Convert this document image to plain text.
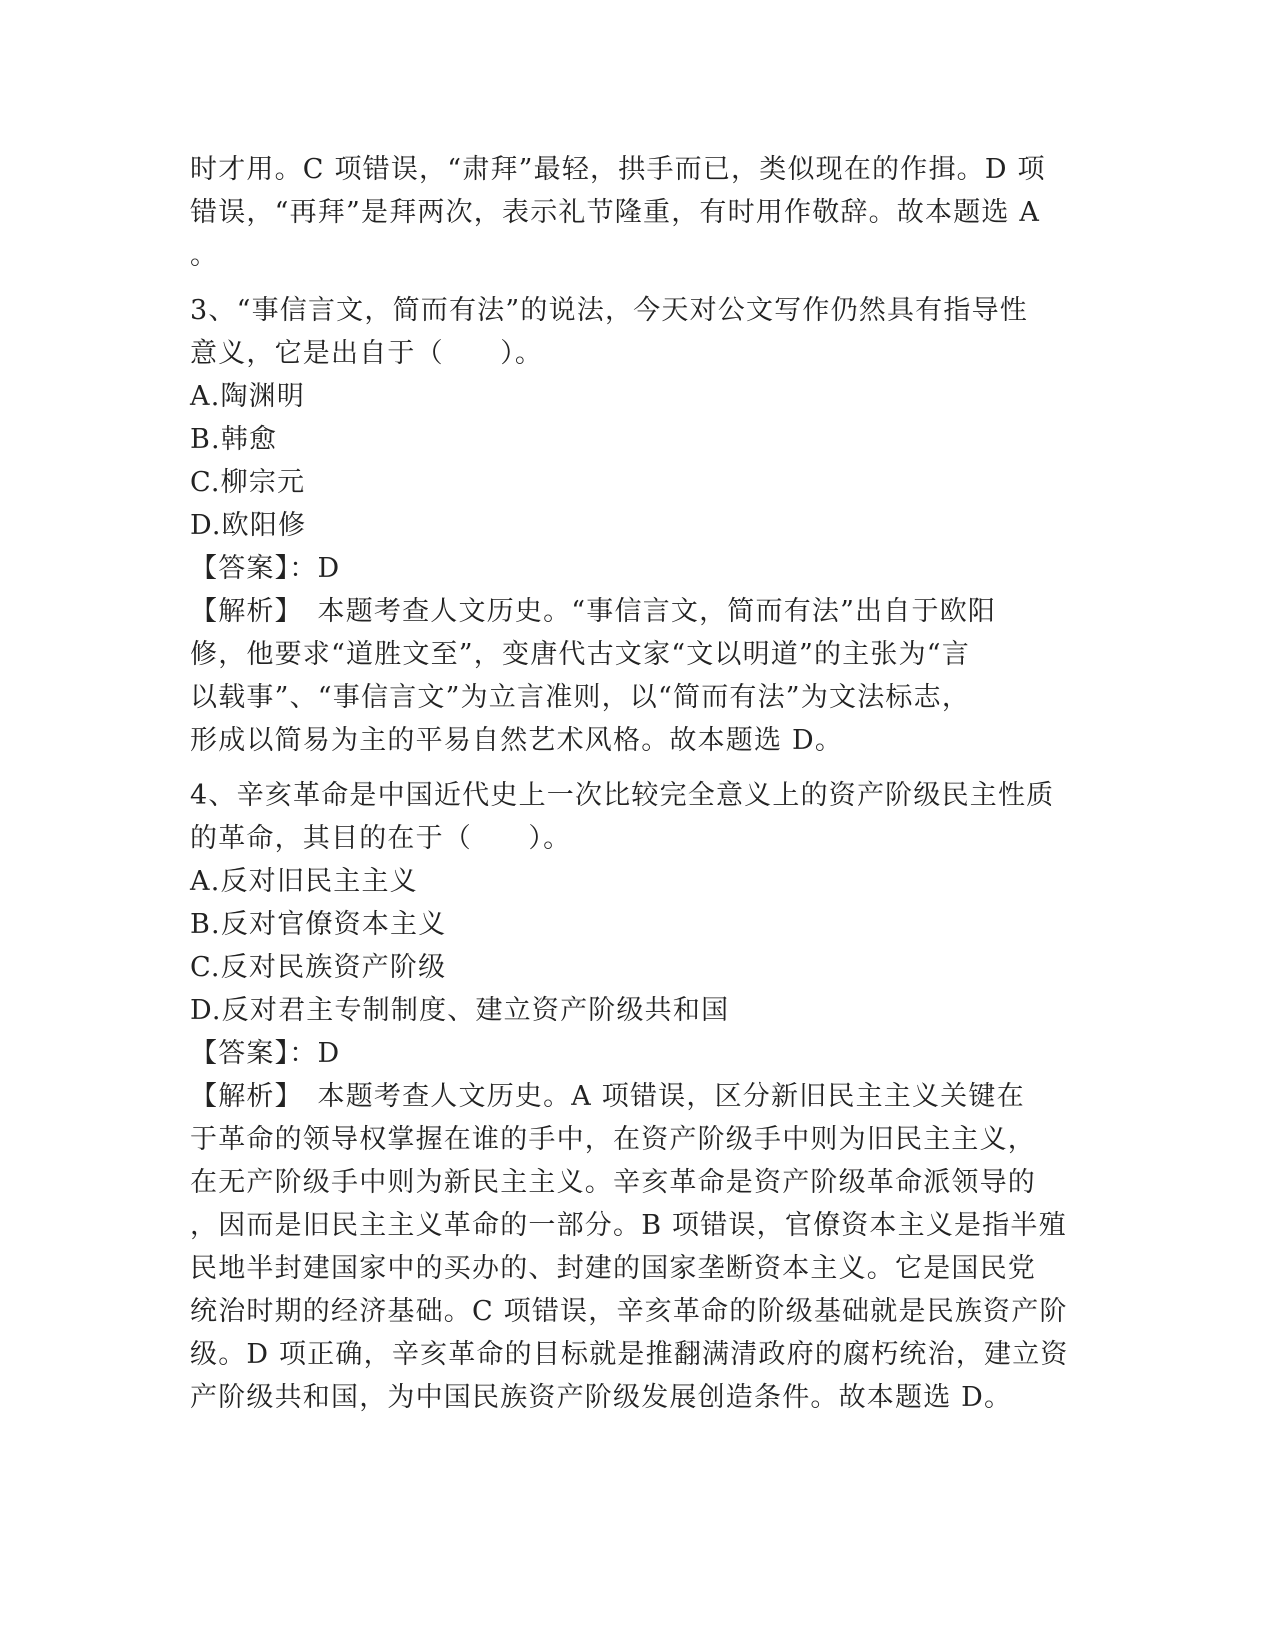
时才用。C 项错误，“肃拜”最轻，拱手而已，类似现在的作揖。D 项
错误，“再拜”是拜两次，表示礼节隆重，有时用作敬辞。故本题选 A
。
3、“事信言文，简而有法”的说法，今天对公文写作仍然具有指导性
意义，它是出自于（　　）。
A.陶渊明
B.韩愈
C.柳宗元
D.欧阳修
【答案】：D
【解析】　本题考查人文历史。“事信言文，简而有法”出自于欧阳
修，他要求“道胜文至”，变唐代古文家“文以明道”的主张为“言
以载事”、“事信言文”为立言准则，以“简而有法”为文法标志，
形成以简易为主的平易自然艺术风格。故本题选 D。
4、辛亥革命是中国近代史上一次比较完全意义上的资产阶级民主性质
的革命，其目的在于（　　）。
A.反对旧民主主义
B.反对官僚资本主义
C.反对民族资产阶级
D.反对君主专制制度、建立资产阶级共和国
【答案】：D
【解析】　本题考查人文历史。A 项错误，区分新旧民主主义关键在
于革命的领导权掌握在谁的手中，在资产阶级手中则为旧民主主义，
在无产阶级手中则为新民主主义。辛亥革命是资产阶级革命派领导的
，因而是旧民主主义革命的一部分。B 项错误，官僚资本主义是指半殖
民地半封建国家中的买办的、封建的国家垄断资本主义。它是国民党
统治时期的经济基础。C 项错误，辛亥革命的阶级基础就是民族资产阶
级。D 项正确，辛亥革命的目标就是推翻满清政府的腐朽统治，建立资
产阶级共和国，为中国民族资产阶级发展创造条件。故本题选 D。
